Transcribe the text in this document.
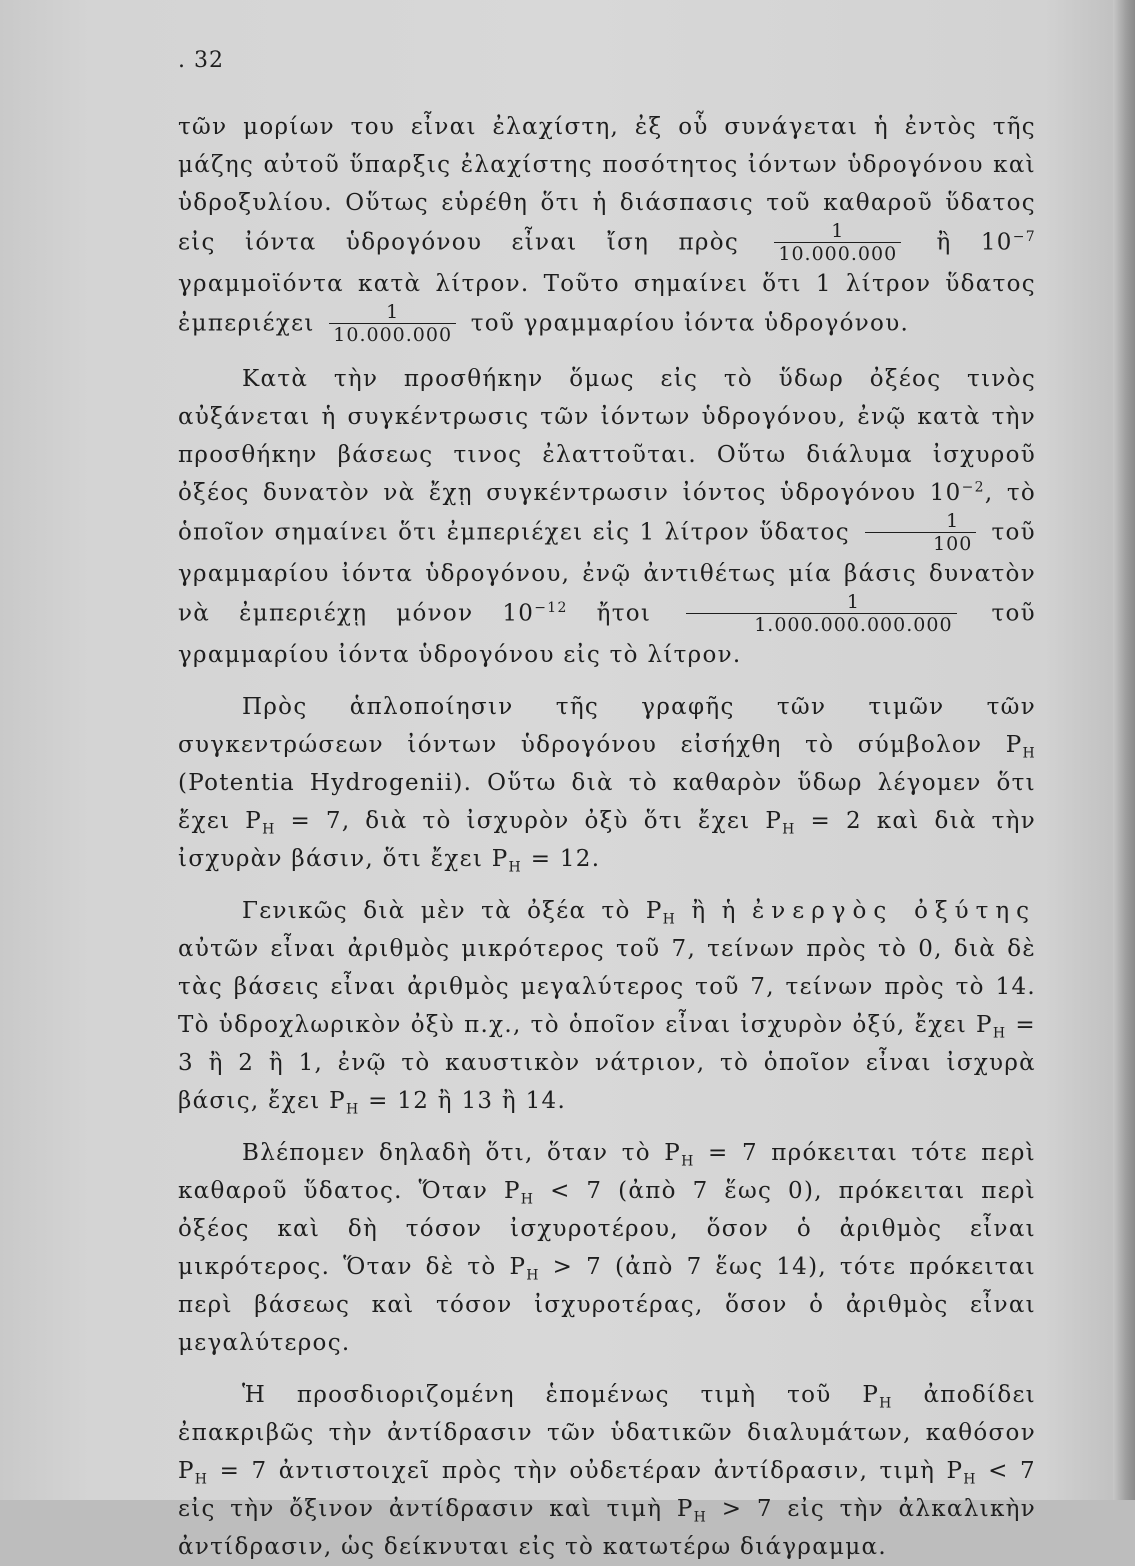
. 32

τῶν μορίων του εἶναι ἐλαχίστη, ἐξ οὗ συνάγεται ἡ ἐντὸς τῆς μάζης αὐτοῦ ὕπαρξις ἐλαχίστης ποσότητος ἰόντων ὑδρογόνου καὶ ὑδροξυλίου. Οὕτως εὑρέθη ὅτι ἡ διάσπασις τοῦ καθαροῦ ὕδατος εἰς ἰόντα ὑδρογόνου εἶναι ἴση πρὸς $\frac{1}{10.000.000}$ ἢ $10^{-7}$ γραμμοϊόντα κατὰ λίτρον. Τοῦτο σημαίνει ὅτι 1 λίτρον ὕδατος ἐμπεριέχει $\frac{1}{10.000.000}$ τοῦ γραμμαρίου ἰόντα ὑδρογόνου.

Κατὰ τὴν προσθήκην ὅμως εἰς τὸ ὕδωρ ὀξέος τινὸς αὐξάνεται ἡ συγκέντρωσις τῶν ἰόντων ὑδρογόνου, ἐνῷ κατὰ τὴν προσθήκην βάσεως τινος ἐλαττοῦται. Οὕτω διάλυμα ἰσχυροῦ ὀξέος δυνατὸν νὰ ἔχῃ συγκέντρωσιν ἰόντος ὑδρογόνου $10^{-2}$, τὸ ὁποῖον σημαίνει ὅτι ἐμπεριέχει εἰς 1 λίτρον ὕδατος $\frac{1}{100}$ τοῦ γραμμαρίου ἰόντα ὑδρογόνου, ἐνῷ ἀντιθέτως μία βάσις δυνατὸν νὰ ἐμπεριέχῃ μόνον $10^{-12}$ ἤτοι $\frac{1}{1.000.000.000.000}$ τοῦ γραμμαρίου ἰόντα ὑδρογόνου εἰς τὸ λίτρον.

Πρὸς ἁπλοποίησιν τῆς γραφῆς τῶν τιμῶν τῶν συγκεντρώσεων ἰόντων ὑδρογόνου εἰσήχθη τὸ σύμβολον $P_H$ (Potentia Hydrogenii). Οὕτω διὰ τὸ καθαρὸν ὕδωρ λέγομεν ὅτι ἔχει $P_H = 7$, διὰ τὸ ἰσχυρὸν ὀξὺ ὅτι ἔχει $P_H = 2$ καὶ διὰ τὴν ἰσχυρὰν βάσιν, ὅτι ἔχει $P_H = 12$.

Γενικῶς διὰ μὲν τὰ ὀξέα τὸ $P_H$ ἢ ἡ ἐνεργὸς ὀξύτης αὐτῶν εἶναι ἀριθμὸς μικρότερος τοῦ 7, τείνων πρὸς τὸ 0, διὰ δὲ τὰς βάσεις εἶναι ἀριθμὸς μεγαλύτερος τοῦ 7, τείνων πρὸς τὸ 14. Τὸ ὑδροχλωρικὸν ὀξὺ π.χ., τὸ ὁποῖον εἶναι ἰσχυρὸν ὀξύ, ἔχει $P_H = 3$ ἢ 2 ἢ 1, ἐνῷ τὸ καυστικὸν νάτριον, τὸ ὁποῖον εἶναι ἰσχυρὰ βάσις, ἔχει $P_H = 12$ ἢ 13 ἢ 14.

Βλέπομεν δηλαδὴ ὅτι, ὅταν τὸ $P_H = 7$ πρόκειται τότε περὶ καθαροῦ ὕδατος. Ὅταν $P_H < 7$ (ἀπὸ 7 ἕως 0), πρόκειται περὶ ὀξέος καὶ δὴ τόσον ἰσχυροτέρου, ὅσον ὁ ἀριθμὸς εἶναι μικρότερος. Ὅταν δὲ τὸ $P_H > 7$ (ἀπὸ 7 ἕως 14), τότε πρόκειται περὶ βάσεως καὶ τόσον ἰσχυροτέρας, ὅσον ὁ ἀριθμὸς εἶναι μεγαλύτερος.

Ἡ προσδιοριζομένη ἑπομένως τιμὴ τοῦ $P_H$ ἀποδίδει ἐπακριβῶς τὴν ἀντίδρασιν τῶν ὑδατικῶν διαλυμάτων, καθόσον $P_H = 7$ ἀντιστοιχεῖ πρὸς τὴν οὐδετέραν ἀντίδρασιν, τιμὴ $P_H < 7$ εἰς τὴν ὄξινον ἀντίδρασιν καὶ τιμὴ $P_H > 7$ εἰς τὴν ἀλκαλικὴν ἀντίδρασιν, ὡς δείκνυται εἰς τὸ κατωτέρω διάγραμμα.
